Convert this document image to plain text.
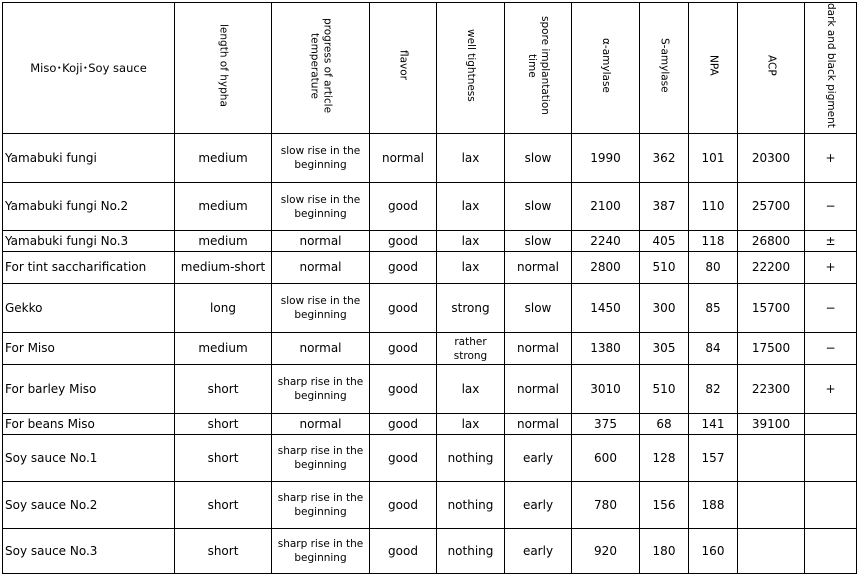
Miso･Koji･Soy sauce	length of hypha	progress of article temperature	flavor	well tightness	spore implantation time	α-amylase	S-amylase	NPA	ACP	dark and black pigment
Yamabuki fungi	medium	slow rise in the beginning	normal	lax	slow	1990	362	101	20300	+
Yamabuki fungi No.2	medium	slow rise in the beginning	good	lax	slow	2100	387	110	25700	−
Yamabuki fungi No.3	medium	normal	good	lax	slow	2240	405	118	26800	±
For tint saccharification	medium-short	normal	good	lax	normal	2800	510	80	22200	+
Gekko	long	slow rise in the beginning	good	strong	slow	1450	300	85	15700	−
For Miso	medium	normal	good	rather strong	normal	1380	305	84	17500	−
For barley Miso	short	sharp rise in the beginning	good	lax	normal	3010	510	82	22300	+
For beans Miso	short	normal	good	lax	normal	375	68	141	39100	
Soy sauce No.1	short	sharp rise in the beginning	good	nothing	early	600	128	157		
Soy sauce No.2	short	sharp rise in the beginning	good	nothing	early	780	156	188		
Soy sauce No.3	short	sharp rise in the beginning	good	nothing	early	920	180	160		
